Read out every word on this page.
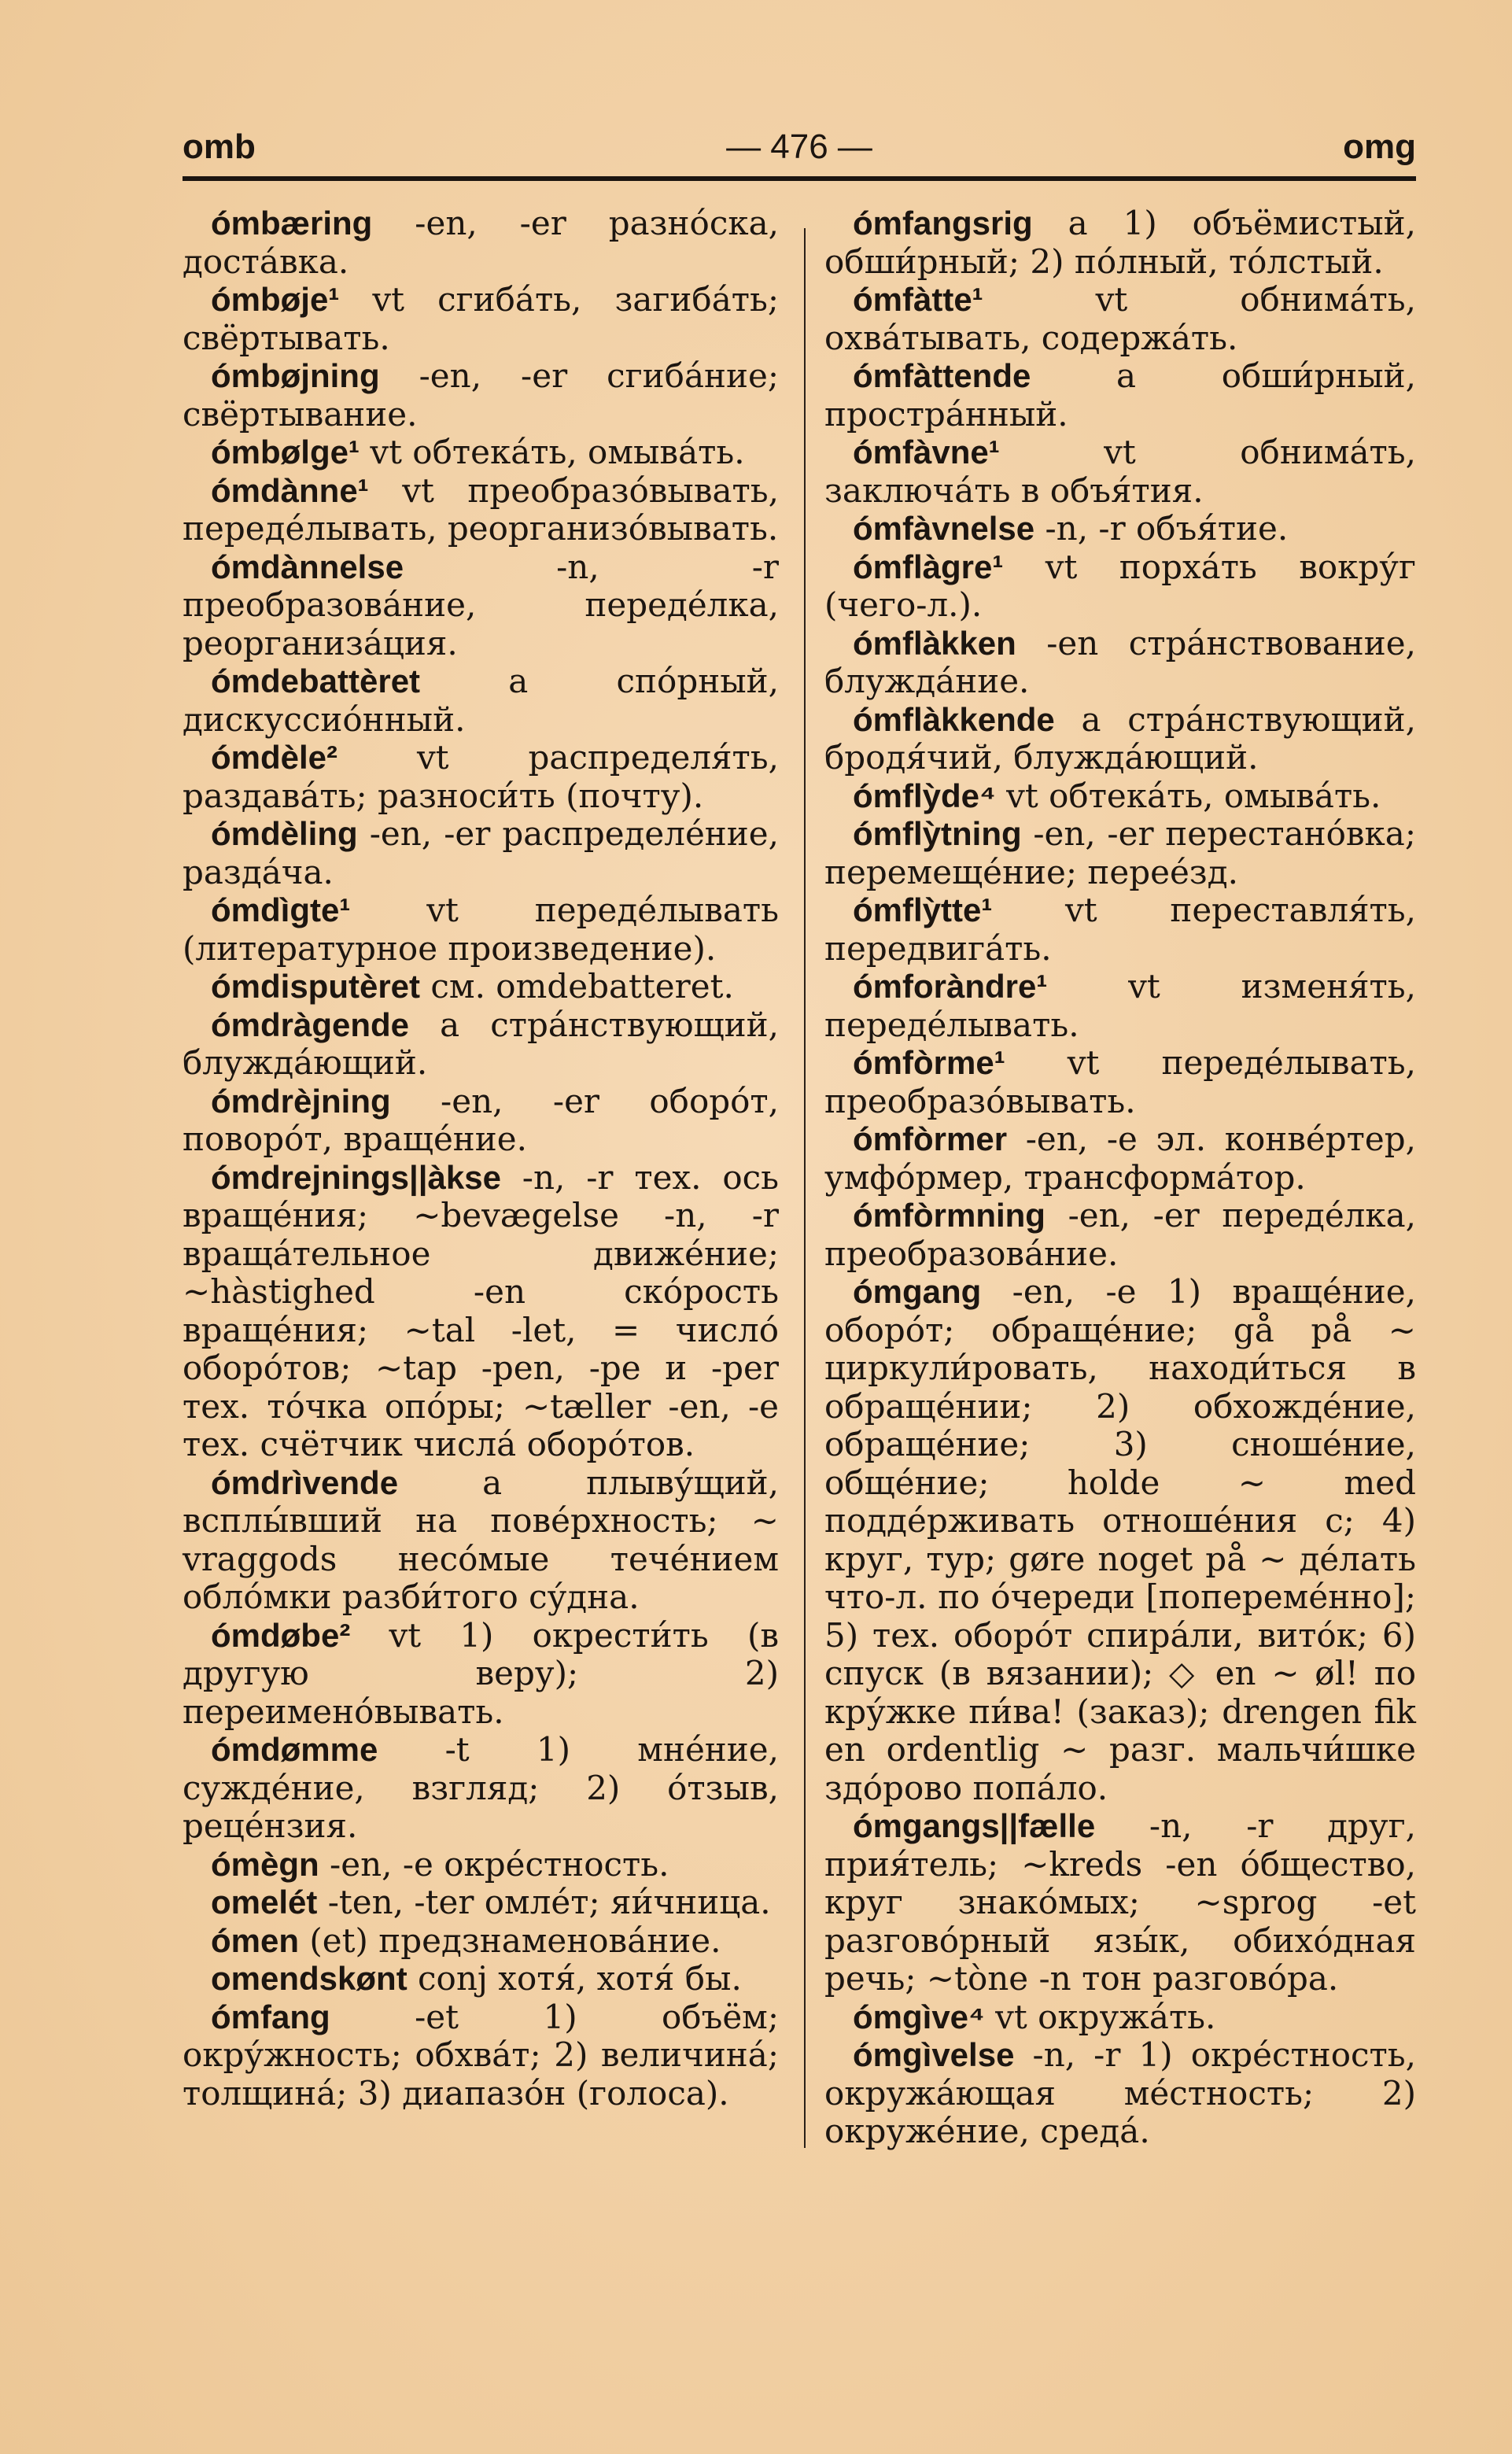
omb	— 476 —	omg

ómbæring -en, -er разно́ска, доста́вка.

ómbøje¹ vt сгиба́ть, загиба́ть; свёртывать.

ómbøjning -en, -er сгиба́ние; свёртывание.

ómbølge¹ vt обтека́ть, омыва́ть.

ómdànne¹ vt преобразо́вывать, переде́лывать, реорганизо́вывать.

ómdànnelse -n, -r преобразова́ние, переде́лка, реорганиза́ция.

ómdebattèret a спо́рный, дискуссио́нный.

ómdèle² vt распределя́ть, раздава́ть; разноси́ть (почту).

ómdèling -en, -er распределе́ние, разда́ча.

ómdìgte¹ vt переде́лывать (литературное произведение).

ómdisputèret см. omdebatteret.

ómdràgende a стра́нствующий, блужда́ющий.

ómdrèjning -en, -er оборо́т, поворо́т, враще́ние.

ómdrejnings||àkse -n, -r тех. ось враще́ния; ~bevægelse -n, -r враща́тельное движе́ние; ~hàstighed -en ско́рость враще́ния; ~tal -let, = число́ оборо́тов; ~tap -pen, -pe и -per тех. то́чка опо́ры; ~tæller -en, -e тех. счётчик числа́ оборо́тов.

ómdrìvende a плыву́щий, всплы́вший на пове́рхность; ~ vraggods несо́мые тече́нием обло́мки разби́того су́дна.

ómdøbe² vt 1) окрести́ть (в другую веру); 2) переимено́вывать.

ómdømme -t 1) мне́ние, сужде́ние, взгляд; 2) о́тзыв, реце́нзия.

ómègn -en, -e окре́стность.

omelét -ten, -ter омле́т; яи́чница.

ómen (et) предзнаменова́ние.

omendskønt conj хотя́, хотя́ бы.

ómfang -et 1) объём; окру́жность; обхва́т; 2) величина́; толщина́; 3) диапазо́н (голоса).

ómfangsrig a 1) объёмистый, обши́рный; 2) по́лный, то́лстый.

ómfàtte¹ vt обнима́ть, охва́тывать, содержа́ть.

ómfàttende a обши́рный, простра́нный.

ómfàvne¹ vt обнима́ть, заключа́ть в объя́тия.

ómfàvnelse -n, -r объя́тие.

ómflàgre¹ vt порха́ть вокру́г (чего-л.).

ómflàkken -en стра́нствование, блужда́ние.

ómflàkkende a стра́нствующий, бродя́чий, блужда́ющий.

ómflỳde⁴ vt обтека́ть, омыва́ть.

ómflỳtning -en, -er перестано́вка; перемеще́ние; перее́зд.

ómflỳtte¹ vt переставля́ть, передвига́ть.

ómforàndre¹ vt изменя́ть, переде́лывать.

ómfòrme¹ vt переде́лывать, преобразо́вывать.

ómfòrmer -en, -e эл. конве́ртер, умфо́рмер, трансформа́тор.

ómfòrmning -en, -er переде́лка, преобразова́ние.

ómgang -en, -e 1) враще́ние, оборо́т; обраще́ние; gå på ~ циркули́ровать, находи́ться в обраще́нии; 2) обхожде́ние, обраще́ние; 3) сноше́ние, обще́ние; holde ~ med подде́рживать отноше́ния с; 4) круг, тур; gøre noget på ~ де́лать что-л. по о́череди [попереме́нно]; 5) тех. оборо́т спира́ли, вито́к; 6) спуск (в вязании); ◇ en ~ øl! по кру́жке пи́ва! (заказ); drengen fik en ordentlig ~ разг. мальчи́шке здо́рово попа́ло.

ómgangs||fælle -n, -r друг, прия́тель; ~kreds -en о́бщество, круг знако́мых; ~sprog -et разгово́рный язы́к, обихо́дная речь; ~tòne -n тон разгово́ра.

ómgìve⁴ vt окружа́ть.

ómgìvelse -n, -r 1) окре́стность, окружа́ющая ме́стность; 2) окруже́ние, среда́.
